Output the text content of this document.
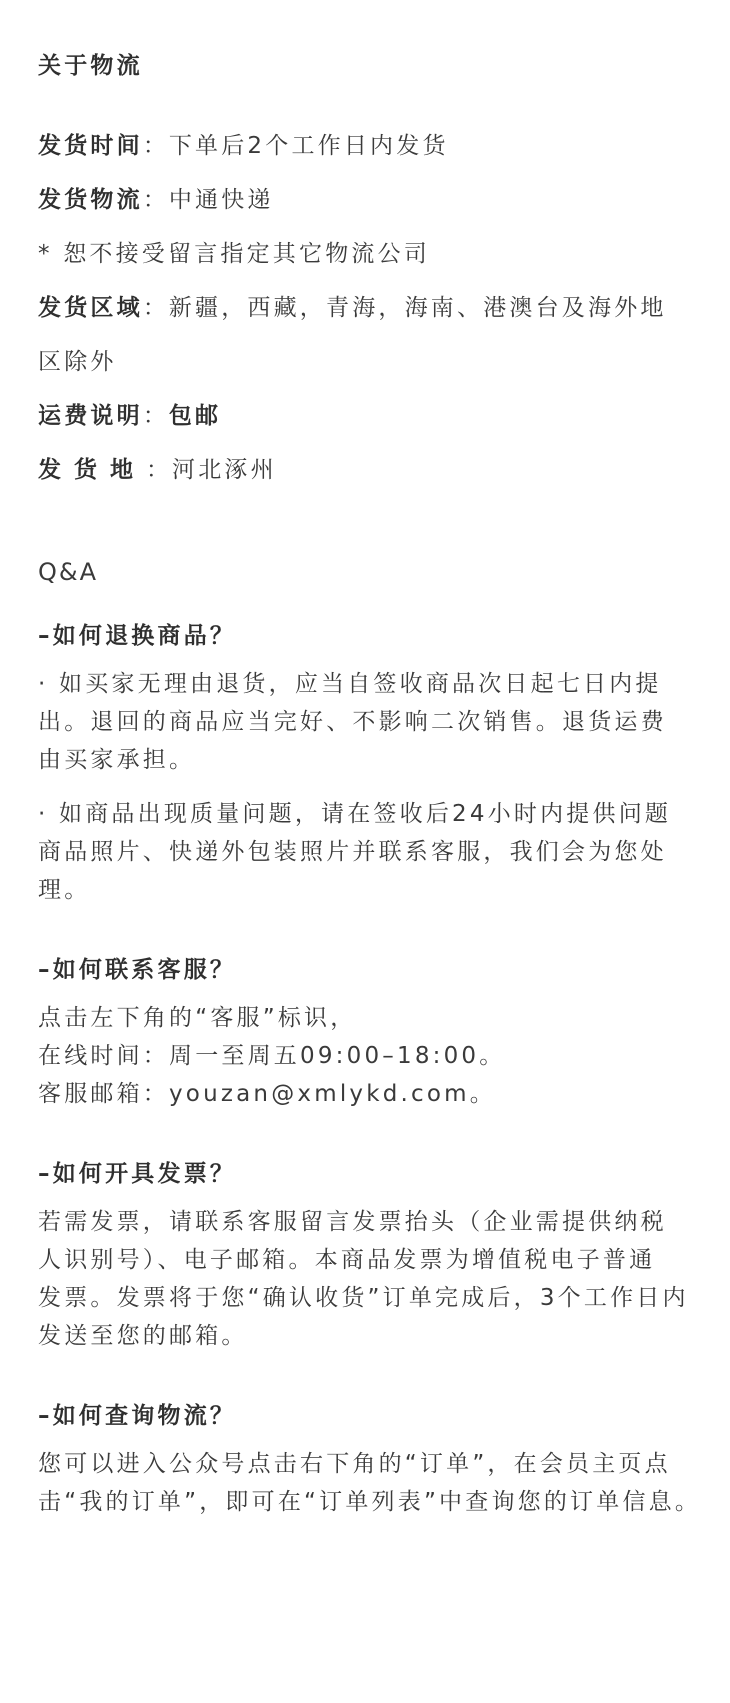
关于物流
发货时间：下单后2个工作日内发货
发货物流：中通快递
* 恕不接受留言指定其它物流公司
发货区域：新疆，西藏，青海，海南、港澳台及海外地
区除外
运费说明：包邮
发货地：河北涿州
Q&A
–如何退换商品？
· 如买家无理由退货，应当自签收商品次日起七日内提
出。退回的商品应当完好、不影响二次销售。退货运费
由买家承担。
· 如商品出现质量问题，请在签收后24小时内提供问题
商品照片、快递外包装照片并联系客服，我们会为您处
理。
–如何联系客服？
点击左下角的“客服”标识，
在线时间：周一至周五09:00–18:00。
客服邮箱：youzan@xmlykd.com。
–如何开具发票？
若需发票，请联系客服留言发票抬头（企业需提供纳税
人识别号）、电子邮箱。本商品发票为增值税电子普通
发票。发票将于您“确认收货”订单完成后，3个工作日内
发送至您的邮箱。
–如何查询物流？
您可以进入公众号点击右下角的“订单”，在会员主页点
击“我的订单”，即可在“订单列表”中查询您的订单信息。
